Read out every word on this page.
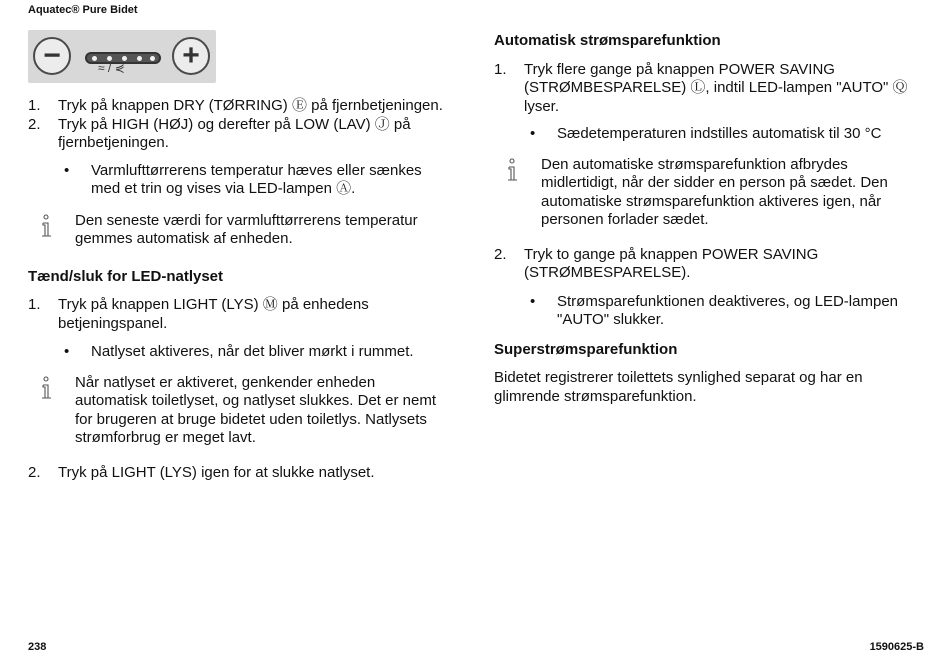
Aquatec® Pure Bidet
−	≈ / ⋞ +
1. Tryk på knappen DRY (TØRRING) Ⓔ på fjernbetjeningen.

2. Tryk på HIGH (HØJ) og derefter på LOW (LAV) Ⓙ på fjernbetjeningen.

• Varmlufttørrerens temperatur hæves eller sænkes med et trin og vises via LED-lampen Ⓐ.

Den seneste værdi for varmlufttørrerens temperatur gemmes automatisk af enheden.

Tænd/sluk for LED-natlyset
1. Tryk på knappen LIGHT (LYS) Ⓜ på enhedens betjeningspanel.

• Natlyset aktiveres, når det bliver mørkt i rummet.

Når natlyset er aktiveret, genkender enheden automatisk toiletlyset, og natlyset slukkes. Det er nemt for brugeren at bruge bidetet uden toiletlys. Natlysets strømforbrug er meget lavt.

2. Tryk på LIGHT (LYS) igen for at slukke natlyset.

Automatisk strømsparefunktion
1. Tryk flere gange på knappen POWER SAVING (STRØMBESPARELSE) Ⓛ, indtil LED-lampen "AUTO" Ⓠ lyser.

• Sædetemperaturen indstilles automatisk til 30 °C

Den automatiske strømsparefunktion afbrydes midlertidigt, når der sidder en person på sædet. Den automatiske strømsparefunktion aktiveres igen, når personen forlader sædet.

2. Tryk to gange på knappen POWER SAVING (STRØMBESPARELSE).

• Strømsparefunktionen deaktiveres, og LED-lampen "AUTO" slukker.

Superstrømsparefunktion

Bidetet registrerer toilettets synlighed separat og har en glimrende strømsparefunktion.

238	1590625-B
